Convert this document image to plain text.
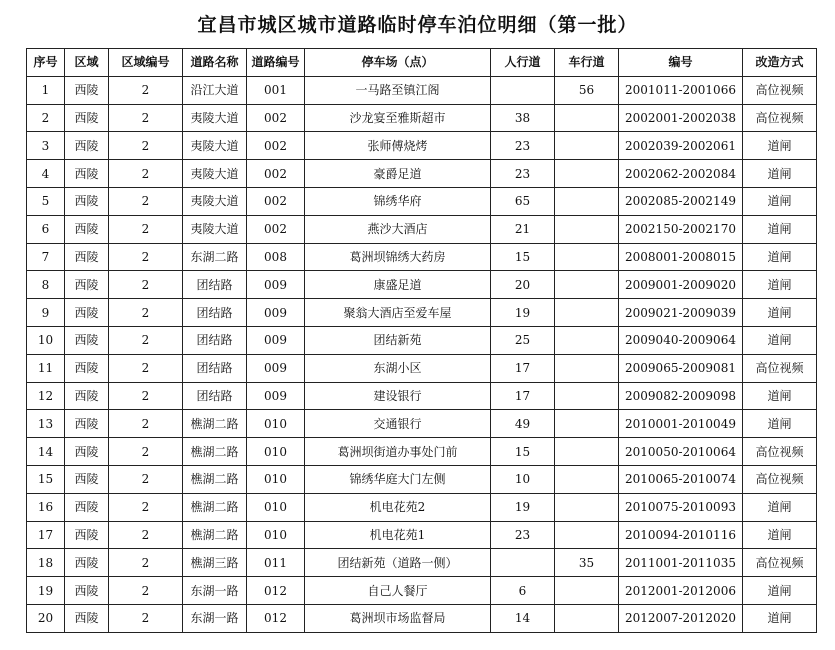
宜昌市城区城市道路临时停车泊位明细（第一批）
序号	区域	区域编号	道路名称	道路编号	停车场（点）	人行道	车行道	编号	改造方式
1	西陵	2	沿江大道	001	一马路至镇江阁		56	2001011-2001066	高位视频
2	西陵	2	夷陵大道	002	沙龙宴至雅斯超市	38		2002001-2002038	高位视频
3	西陵	2	夷陵大道	002	张师傅烧烤	23		2002039-2002061	道闸
4	西陵	2	夷陵大道	002	豪爵足道	23		2002062-2002084	道闸
5	西陵	2	夷陵大道	002	锦绣华府	65		2002085-2002149	道闸
6	西陵	2	夷陵大道	002	燕沙大酒店	21		2002150-2002170	道闸
7	西陵	2	东湖二路	008	葛洲坝锦绣大药房	15		2008001-2008015	道闸
8	西陵	2	团结路	009	康盛足道	20		2009001-2009020	道闸
9	西陵	2	团结路	009	聚翁大酒店至爱车屋	19		2009021-2009039	道闸
10	西陵	2	团结路	009	团结新苑	25		2009040-2009064	道闸
11	西陵	2	团结路	009	东湖小区	17		2009065-2009081	高位视频
12	西陵	2	团结路	009	建设银行	17		2009082-2009098	道闸
13	西陵	2	樵湖二路	010	交通银行	49		2010001-2010049	道闸
14	西陵	2	樵湖二路	010	葛洲坝街道办事处门前	15		2010050-2010064	高位视频
15	西陵	2	樵湖二路	010	锦绣华庭大门左侧	10		2010065-2010074	高位视频
16	西陵	2	樵湖二路	010	机电花苑2	19		2010075-2010093	道闸
17	西陵	2	樵湖二路	010	机电花苑1	23		2010094-2010116	道闸
18	西陵	2	樵湖三路	011	团结新苑（道路一侧）		35	2011001-2011035	高位视频
19	西陵	2	东湖一路	012	自己人餐厅	6		2012001-2012006	道闸
20	西陵	2	东湖一路	012	葛洲坝市场监督局	14		2012007-2012020	道闸
